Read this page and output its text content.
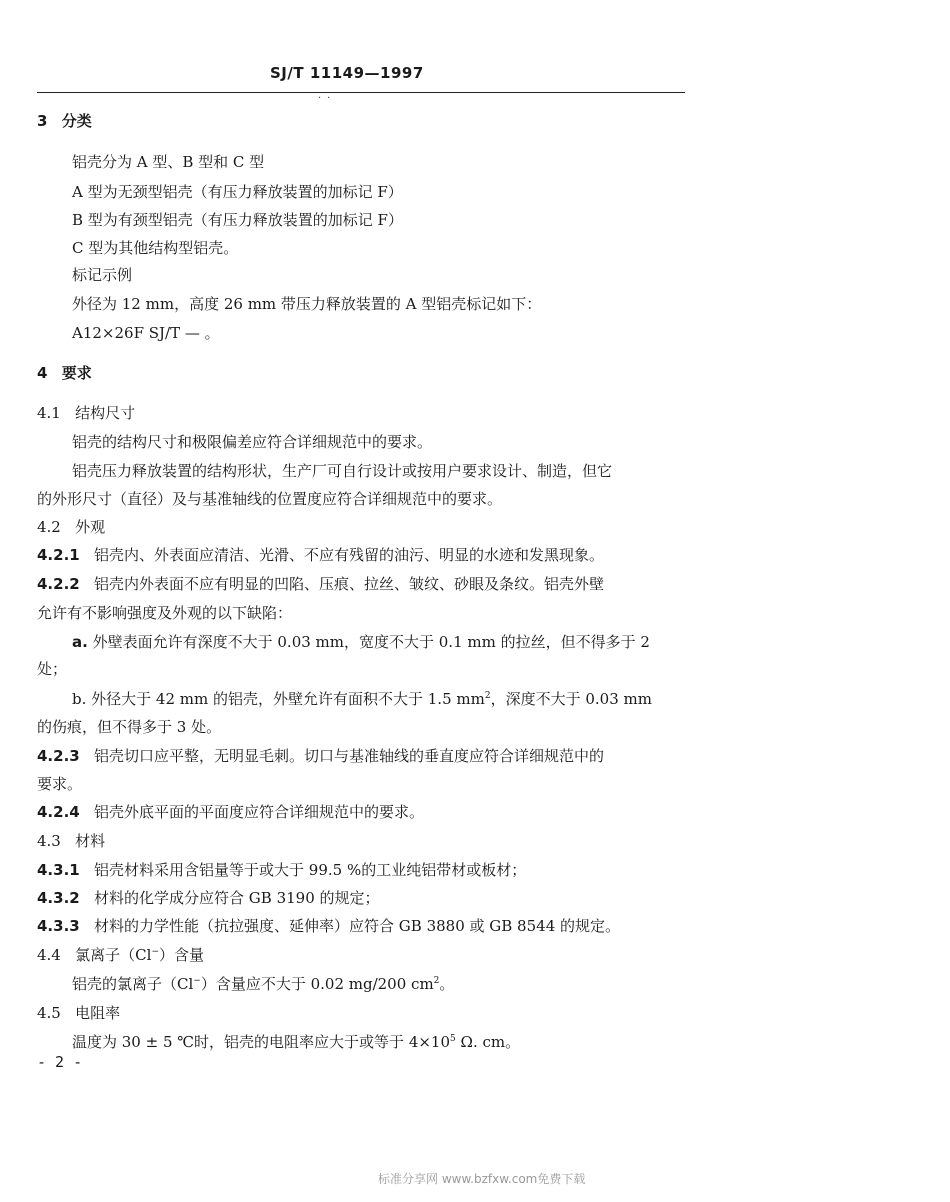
SJ/T 11149—1997
··
3 分类
铝壳分为 A 型、B 型和 C 型
A 型为无颈型铝壳（有压力释放装置的加标记 F）
B 型为有颈型铝壳（有压力释放装置的加标记 F）
C 型为其他结构型铝壳。
标记示例
外径为 12 mm，高度 26 mm 带压力释放装置的 A 型铝壳标记如下：
A12×26F SJ/T — 。
4 要求
4.1 结构尺寸
铝壳的结构尺寸和极限偏差应符合详细规范中的要求。
铝壳压力释放装置的结构形状，生产厂可自行设计或按用户要求设计、制造，但它
的外形尺寸（直径）及与基准轴线的位置度应符合详细规范中的要求。
4.2 外观
4.2.1 铝壳内、外表面应清洁、光滑、不应有残留的油污、明显的水迹和发黑现象。
4.2.2 铝壳内外表面不应有明显的凹陷、压痕、拉丝、皱纹、砂眼及条纹。铝壳外壁
允许有不影响强度及外观的以下缺陷：
a. 外壁表面允许有深度不大于 0.03 mm，宽度不大于 0.1 mm 的拉丝，但不得多于 2
处；
b. 外径大于 42 mm 的铝壳，外壁允许有面积不大于 1.5 $mm^2$，深度不大于 0.03 mm
的伤痕，但不得多于 3 处。
4.2.3 铝壳切口应平整，无明显毛刺。切口与基准轴线的垂直度应符合详细规范中的
要求。
4.2.4 铝壳外底平面的平面度应符合详细规范中的要求。
4.3 材料
4.3.1 铝壳材料采用含铝量等于或大于 99.5 %的工业纯铝带材或板材；
4.3.2 材料的化学成分应符合 GB 3190 的规定；
4.3.3 材料的力学性能（抗拉强度、延伸率）应符合 GB 3880 或 GB 8544 的规定。
4.4 氯离子（Cl−）含量
铝壳的氯离子（Cl−）含量应不大于 0.02 mg/200 $cm^2$。
4.5 电阻率
温度为 30 ± 5 ℃时，铝壳的电阻率应大于或等于 $4\times 10^5$ Ω. cm。
- 2 -
标准分享网 www.bzfxw.com免费下载
